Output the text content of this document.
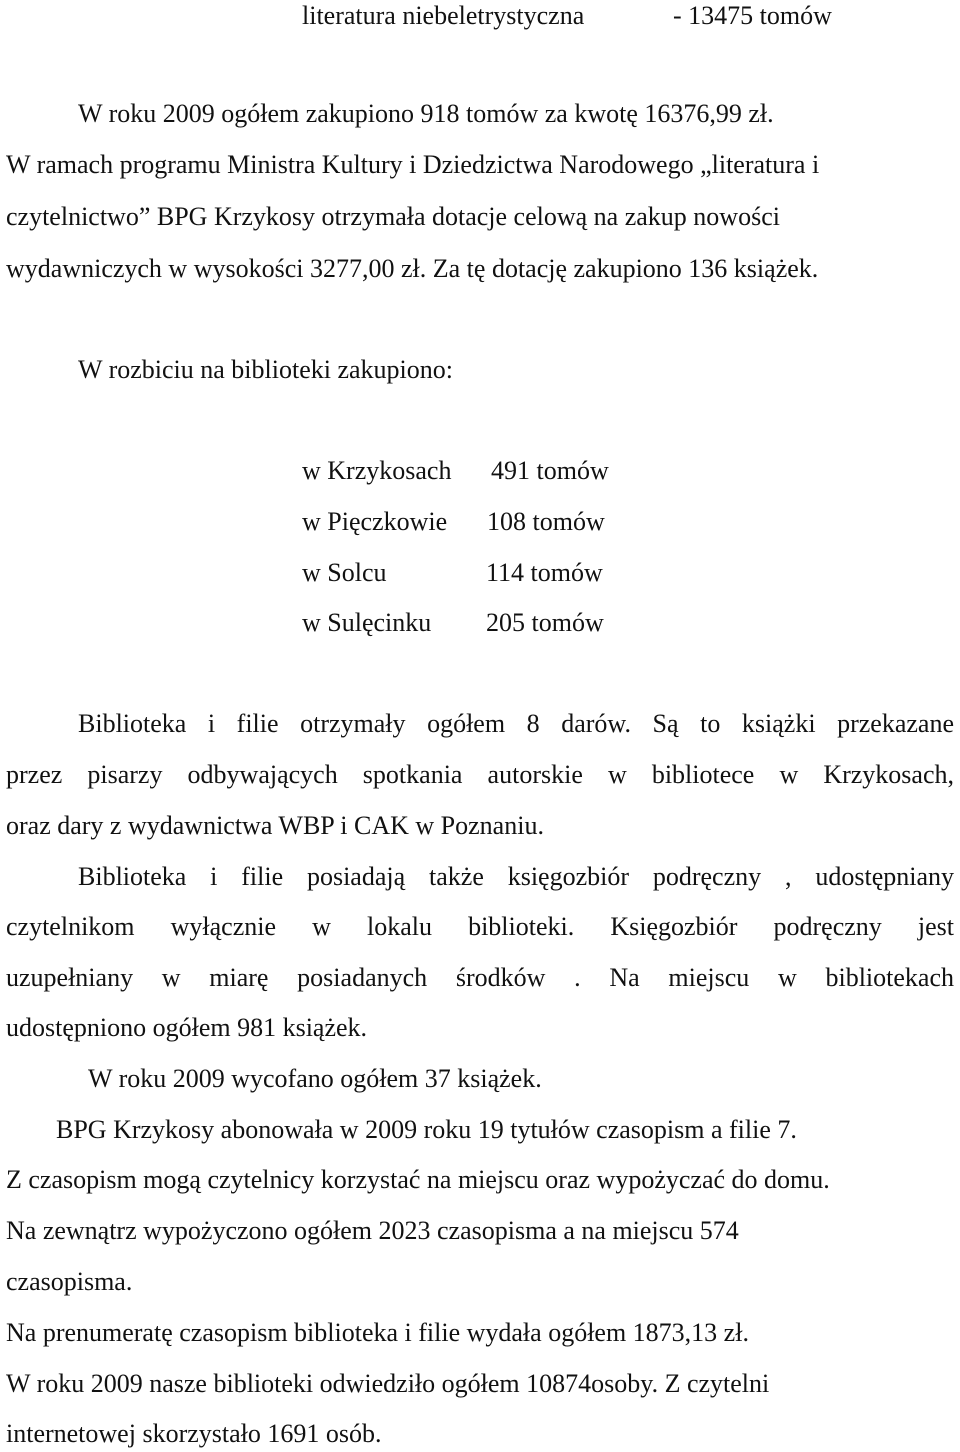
literatura niebeletrystyczna	- 13475 tomów
W roku 2009 ogółem zakupiono 918 tomów za kwotę 16376,99 zł.
W ramach programu Ministra Kultury i Dziedzictwa Narodowego „literatura i
czytelnictwo” BPG Krzykosy otrzymała dotacje celową na zakup nowości
wydawniczych w wysokości 3277,00 zł. Za tę dotację zakupiono 136 książek.
W rozbiciu na biblioteki zakupiono:
w Krzykosach 491 tomów
w Pięczkowie 108 tomów
w Solcu	114 tomów
w Sulęcinku 205 tomów
Biblioteka i filie otrzymały ogółem 8 darów. Są to książki przekazane
przez pisarzy odbywających spotkania autorskie w bibliotece w Krzykosach,
oraz dary z wydawnictwa WBP i CAK w Poznaniu.
Biblioteka i filie posiadają także księgozbiór podręczny , udostępniany
czytelnikom wyłącznie w lokalu biblioteki. Księgozbiór podręczny jest
uzupełniany w miarę posiadanych środków . Na miejscu w bibliotekach
udostępniono ogółem 981 książek.
W roku 2009 wycofano ogółem 37 książek.
BPG Krzykosy abonowała w 2009 roku 19 tytułów czasopism a filie 7.
Z czasopism mogą czytelnicy korzystać na miejscu oraz wypożyczać do domu.
Na zewnątrz wypożyczono ogółem 2023 czasopisma a na miejscu 574
czasopisma.
Na prenumeratę czasopism biblioteka i filie wydała ogółem 1873,13 zł.
W roku 2009 nasze biblioteki odwiedziło ogółem 10874osoby. Z czytelni
internetowej skorzystało 1691 osób.
